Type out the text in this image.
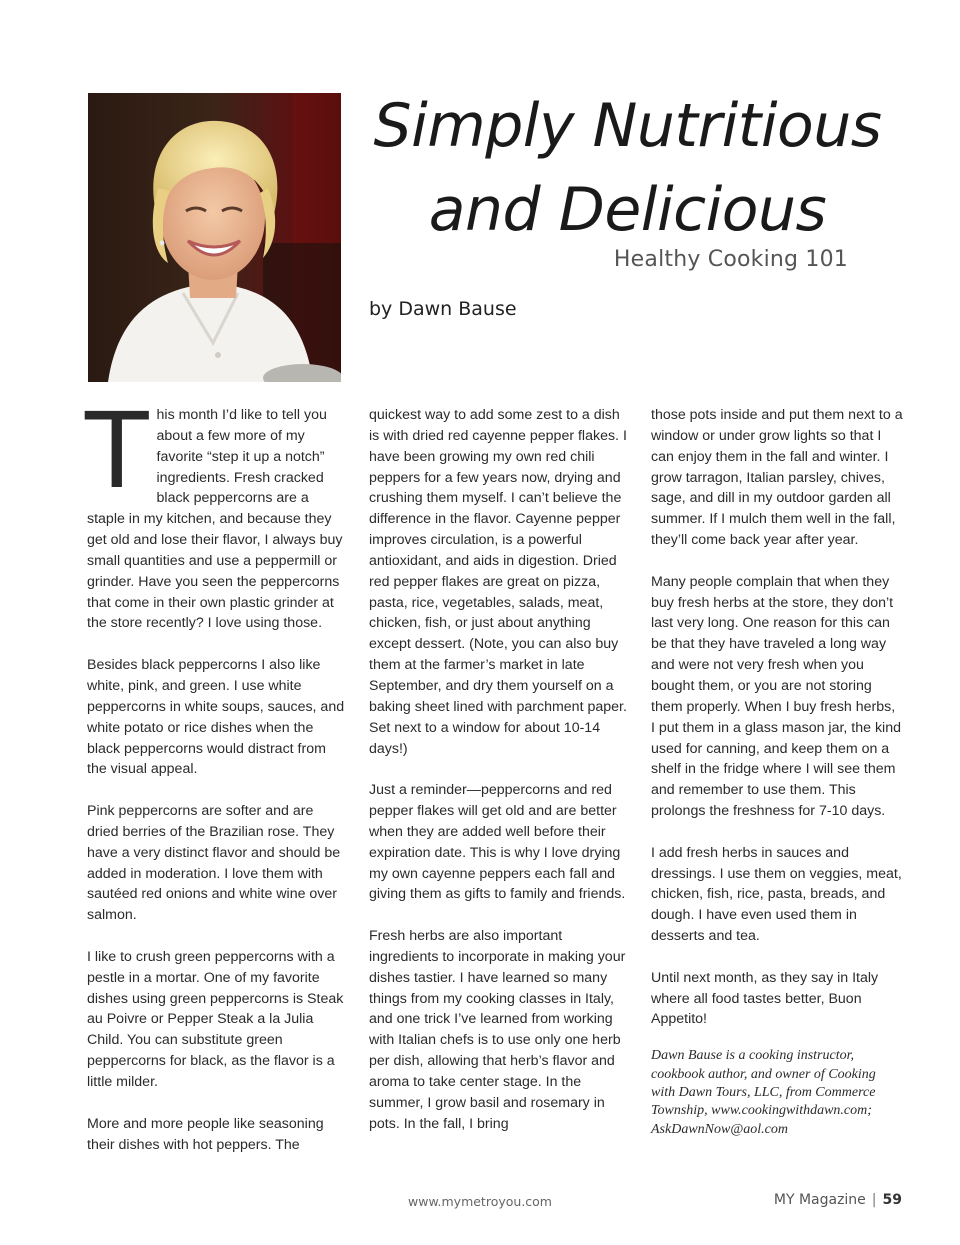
Simply Nutritious
and Delicious
Healthy Cooking 101
by Dawn Bause

This month I’d like to tell you about a few more of my favorite “step it up a notch” ingredients. Fresh cracked black peppercorns are a staple in my kitchen, and because they get old and lose their flavor, I always buy small quantities and use a peppermill or grinder. Have you seen the peppercorns that come in their own plastic grinder at the store recently? I love using those.

Besides black peppercorns I also like white, pink, and green. I use white peppercorns in white soups, sauces, and white potato or rice dishes when the black peppercorns would distract from the visual appeal.

Pink peppercorns are softer and are dried berries of the Brazilian rose. They have a very distinct flavor and should be added in moderation. I love them with sautéed red onions and white wine over salmon.

I like to crush green peppercorns with a pestle in a mortar. One of my favorite dishes using green peppercorns is Steak au Poivre or Pepper Steak a la Julia Child. You can substitute green peppercorns for black, as the flavor is a little milder.

More and more people like seasoning their dishes with hot peppers. The

quickest way to add some zest to a dish is with dried red cayenne pepper flakes. I have been growing my own red chili peppers for a few years now, drying and crushing them myself. I can’t believe the difference in the flavor. Cayenne pepper improves circulation, is a powerful antioxidant, and aids in digestion. Dried red pepper flakes are great on pizza, pasta, rice, vegetables, salads, meat, chicken, fish, or just about anything except dessert. (Note, you can also buy them at the farmer’s market in late September, and dry them yourself on a baking sheet lined with parchment paper. Set next to a window for about 10-14 days!)

Just a reminder—peppercorns and red pepper flakes will get old and are better when they are added well before their expiration date. This is why I love drying my own cayenne peppers each fall and giving them as gifts to family and friends.

Fresh herbs are also important ingredients to incorporate in making your dishes tastier. I have learned so many things from my cooking classes in Italy, and one trick I’ve learned from working with Italian chefs is to use only one herb per dish, allowing that herb’s flavor and aroma to take center stage. In the summer, I grow basil and rosemary in pots. In the fall, I bring

those pots inside and put them next to a window or under grow lights so that I can enjoy them in the fall and winter. I grow tarragon, Italian parsley, chives, sage, and dill in my outdoor garden all summer. If I mulch them well in the fall, they’ll come back year after year.

Many people complain that when they buy fresh herbs at the store, they don’t last very long. One reason for this can be that they have traveled a long way and were not very fresh when you bought them, or you are not storing them properly. When I buy fresh herbs, I put them in a glass mason jar, the kind used for canning, and keep them on a shelf in the fridge where I will see them and remember to use them. This prolongs the freshness for 7-10 days.

I add fresh herbs in sauces and dressings. I use them on veggies, meat, chicken, fish, rice, pasta, breads, and dough. I have even used them in desserts and tea.

Until next month, as they say in Italy where all food tastes better, Buon Appetito!

Dawn Bause is a cooking instructor, cookbook author, and owner of Cooking with Dawn Tours, LLC, from Commerce Township, www.cookingwithdawn.com; AskDawnNow@aol.com
www.mymetroyou.com	MY Magazine | 59
